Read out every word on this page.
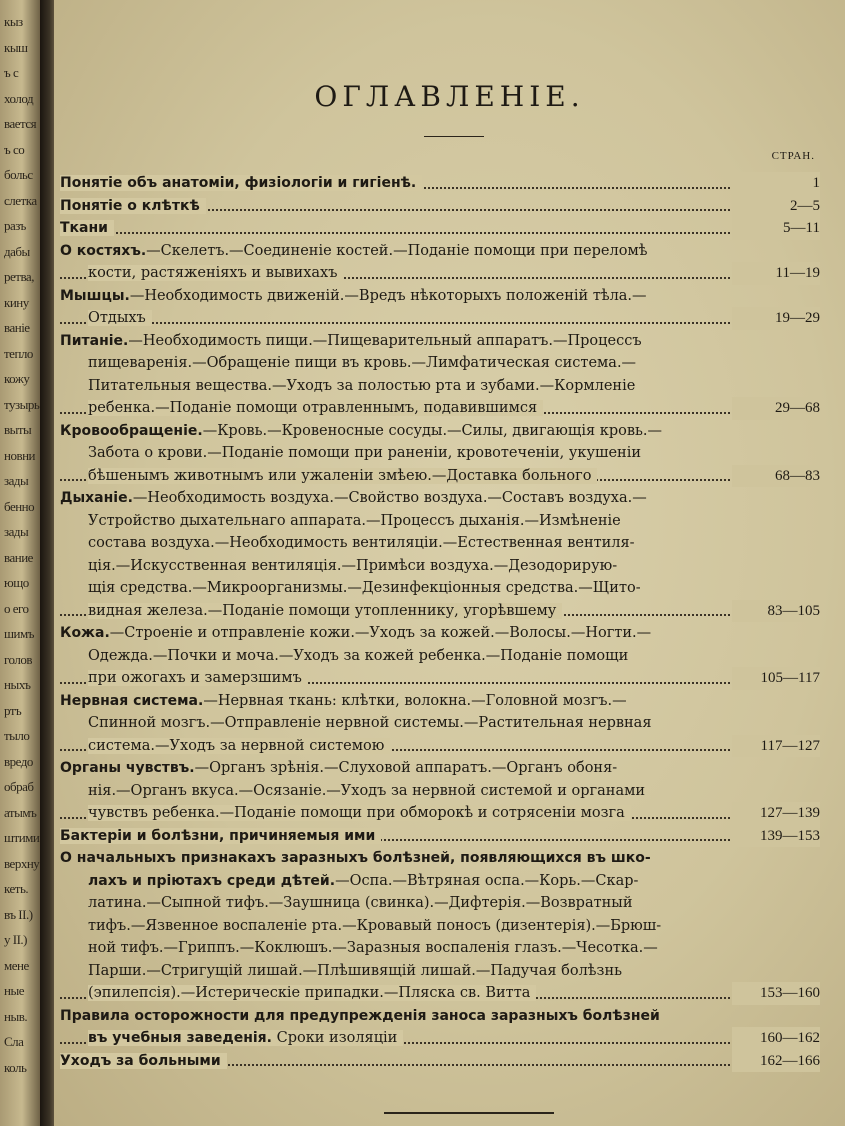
кыз
кыш
ъ с
холод
вается
ъ со
больс
слетка
разъ
дабы
ретва,
кину
ваніе
тепло
кожу
тузырь
выты
новни
зады
бенно
зады
вание
ющо
о его
шимъ
голов
ныхъ
ртъ
тыло
вредо
обраб
атымъ
штими
верхну
кеть.
въ II.)
у II.)
мене
ные
ныв.
Сла
коль
ОГЛАВЛЕНІЕ.
СТРАН.
Понятіе объ анатоміи, физіологіи и гигіенѣ.	1
Понятіе о клѣткѣ	2—5
Ткани	5—11
О костяхъ.—Скелетъ.—Соединеніе костей.—Поданіе помощи при переломѣ
кости, растяженіяхъ и вывихахъ	11—19
Мышцы.—Необходимость движеній.—Вредъ нѣкоторыхъ положеній тѣла.—
Отдыхъ	19—29
Питаніе.—Необходимость пищи.—Пищеварительный аппаратъ.—Процессъ
пищеваренія.—Обращеніе пищи въ кровь.—Лимфатическая система.—
Питательныя вещества.—Уходъ за полостью рта и зубами.—Кормленіе
ребенка.—Поданіе помощи отравленнымъ, подавившимся	29—68
Кровообращеніе.—Кровь.—Кровеносные сосуды.—Силы, двигающія кровь.—
Забота о крови.—Поданіе помощи при раненіи, кровотеченіи, укушеніи
бѣшенымъ животнымъ или ужаленіи змѣею.—Доставка больного	68—83
Дыханіе.—Необходимость воздуха.—Свойство воздуха.—Составъ воздуха.—
Устройство дыхательнаго аппарата.—Процессъ дыханія.—Измѣненіе
состава воздуха.—Необходимость вентиляціи.—Естественная вентиля-
ція.—Искусственная вентиляція.—Примѣси воздуха.—Дезодорирую-
щія средства.—Микроорганизмы.—Дезинфекціонныя средства.—Щито-
видная железа.—Поданіе помощи утопленнику, угорѣвшему	83—105
Кожа.—Строеніе и отправленіе кожи.—Уходъ за кожей.—Волосы.—Ногти.—
Одежда.—Почки и моча.—Уходъ за кожей ребенка.—Поданіе помощи
при ожогахъ и замерзшимъ	105—117
Нервная система.—Нервная ткань: клѣтки, волокна.—Головной мозгъ.—
Спинной мозгъ.—Отправленіе нервной системы.—Растительная нервная
система.—Уходъ за нервной системою	117—127
Органы чувствъ.—Органъ зрѣнія.—Слуховой аппаратъ.—Органъ обоня-
нія.—Органъ вкуса.—Осязаніе.—Уходъ за нервной системой и органами
чувствъ ребенка.—Поданіе помощи при обморокѣ и сотрясеніи мозга	127—139
Бактеріи и болѣзни, причиняемыя ими	139—153
О начальныхъ признакахъ заразныхъ болѣзней, появляющихся въ шко-
лахъ и пріютахъ среди дѣтей.—Оспа.—Вѣтряная оспа.—Корь.—Скар-
латина.—Сыпной тифъ.—Заушница (свинка).—Дифтерія.—Возвратный
тифъ.—Язвенное воспаленіе рта.—Кровавый поносъ (дизентерія).—Брюш-
ной тифъ.—Гриппъ.—Коклюшъ.—Заразныя воспаленія глазъ.—Чесотка.—
Парши.—Стригущій лишай.—Плѣшивящій лишай.—Падучая болѣзнь
(эпилепсія).—Истерическіе припадки.—Пляска св. Витта	153—160
Правила осторожности для предупрежденія заноса заразныхъ болѣзней
въ учебныя заведенія. Сроки изоляціи	160—162
Уходъ за больными	162—166
